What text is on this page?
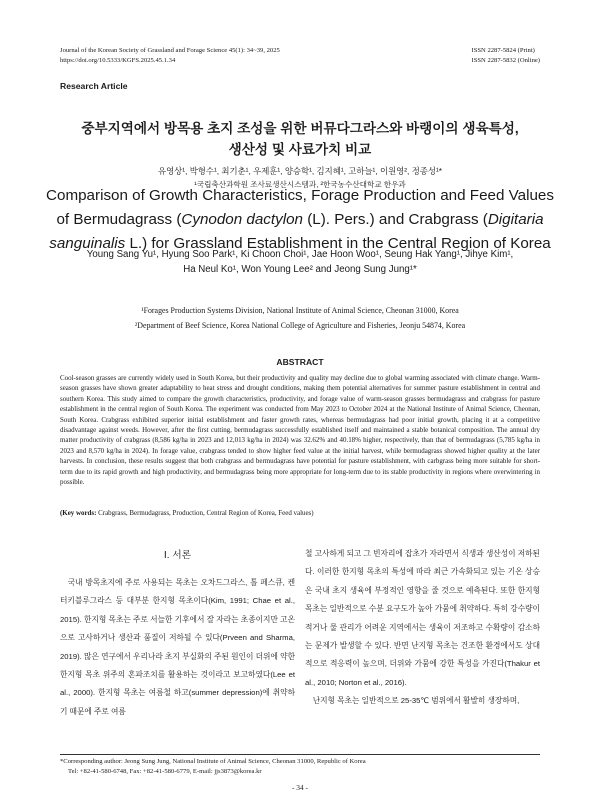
Journal of the Korean Society of Grassland and Forage Science 45(1): 34~39, 2025
https://doi.org/10.5333/KGFS.2025.45.1.34
ISSN 2287-5824 (Print)
ISSN 2287-5832 (Online)
Research Article
중부지역에서 방목용 초지 조성을 위한 버뮤다그라스와 바랭이의 생육특성,
생산성 및 사료가치 비교
유영상¹, 박형수¹, 최기춘¹, 우제훈¹, 양승학¹, 김지혜¹, 고하늘¹, 이원영², 정종성¹*
¹국립축산과학원 조사료생산시스템과, ²한국농수산대학교 한우과
Comparison of Growth Characteristics, Forage Production and Feed Values of Bermudagrass (Cynodon dactylon (L). Pers.) and Crabgrass (Digitaria sanguinalis L.) for Grassland Establishment in the Central Region of Korea
Young Sang Yu¹, Hyung Soo Park¹, Ki Choon Choi¹, Jae Hoon Woo¹, Seung Hak Yang¹, Jihye Kim¹,
Ha Neul Ko¹, Won Young Lee² and Jeong Sung Jung¹*
¹Forages Production Systems Division, National Institute of Animal Science, Cheonan 31000, Korea
²Department of Beef Science, Korea National College of Agriculture and Fisheries, Jeonju 54874, Korea
ABSTRACT
Cool-season grasses are currently widely used in South Korea, but their productivity and quality may decline due to global warming associated with climate change. Warm-season grasses have shown greater adaptability to heat stress and drought conditions, making them potential alternatives for summer pasture establishment in central and southern Korea. This study aimed to compare the growth characteristics, productivity, and forage value of warm-season grasses bermudagrass and crabgrass for pasture establishment in the central region of South Korea. The experiment was conducted from May 2023 to October 2024 at the National Institute of Animal Science, Cheonan, South Korea. Crabgrass exhibited superior initial establishment and faster growth rates, whereas bermudagrass had poor initial growth, placing it at a competitive disadvantage against weeds. However, after the first cutting, bermudagrass successfully established itself and maintained a stable botanical composition. The annual dry matter productivity of crabgrass (8,586 kg/ha in 2023 and 12,013 kg/ha in 2024) was 32.62% and 40.18% higher, respectively, than that of bermudagrass (5,785 kg/ha in 2023 and 8,570 kg/ha in 2024). In forage value, crabgrass tended to show higher feed value at the initial harvest, while bermudagrass showed higher quality at the later harvests. In conclusion, these results suggest that both crabgrass and bermudagrass have potential for pasture establishment, with carbgrass being more suitable for short-term due to its rapid growth and high productivity, and bermudagrass being more appropriate for long-term due to its stable productivity in regions where overwintering in possible.
(Key words: Crabgrass, Bermudagrass, Production, Central Region of Korea, Feed values)
Ⅰ. 서론
국내 방목초지에 주로 사용되는 목초는 오차드그라스, 톨 페스큐, 켄터키블루그라스 등 대부분 한지형 목초이다(Kim, 1991; Chae et al., 2015). 한지형 목초는 주로 서늘한 기후에서 잘 자라는 초종이지만 고온으로 고사하거나 생산과 품질이 저하될 수 있다(Prveen and Sharma, 2019). 많은 연구에서 우리나라 초지 부실화의 주된 원인이 더위에 약한 한지형 목초 위주의 혼파조치를 활용하는 것이라고 보고하였다(Lee et al., 2000). 한지형 목초는 여름철 하고(summer depression)에 취약하기 때문에 주로 여름
철 고사하게 되고 그 빈자리에 잡초가 자라면서 식생과 생산성이 저하된다. 이러한 한지형 목초의 특성에 따라 최근 가속화되고 있는 기온 상승은 국내 초지 생육에 부정적인 영향을 줄 것으로 예측된다. 또한 한지형 목초는 일반적으로 수분 요구도가 높아 가뭄에 취약하다. 특히 강수량이 적거나 물 관리가 어려운 지역에서는 생육이 저조하고 수확량이 감소하는 문제가 발생할 수 있다. 반면 난지형 목초는 건조한 환경에서도 상대적으로 적응력이 높으며, 더위와 가뭄에 강한 특성을 가진다(Thakur et al., 2010; Norton et al., 2016).
난지형 목초는 일반적으로 25-35℃ 범위에서 활발히 생장하며,
*Corresponding author: Jeong Sung Jung, National Institute of Animal Science, Cheonan 31000, Republic of Korea
Tel: +82-41-580-6748, Fax: +82-41-580-6779, E-mail: jjs3873@korea.kr
- 34 -
